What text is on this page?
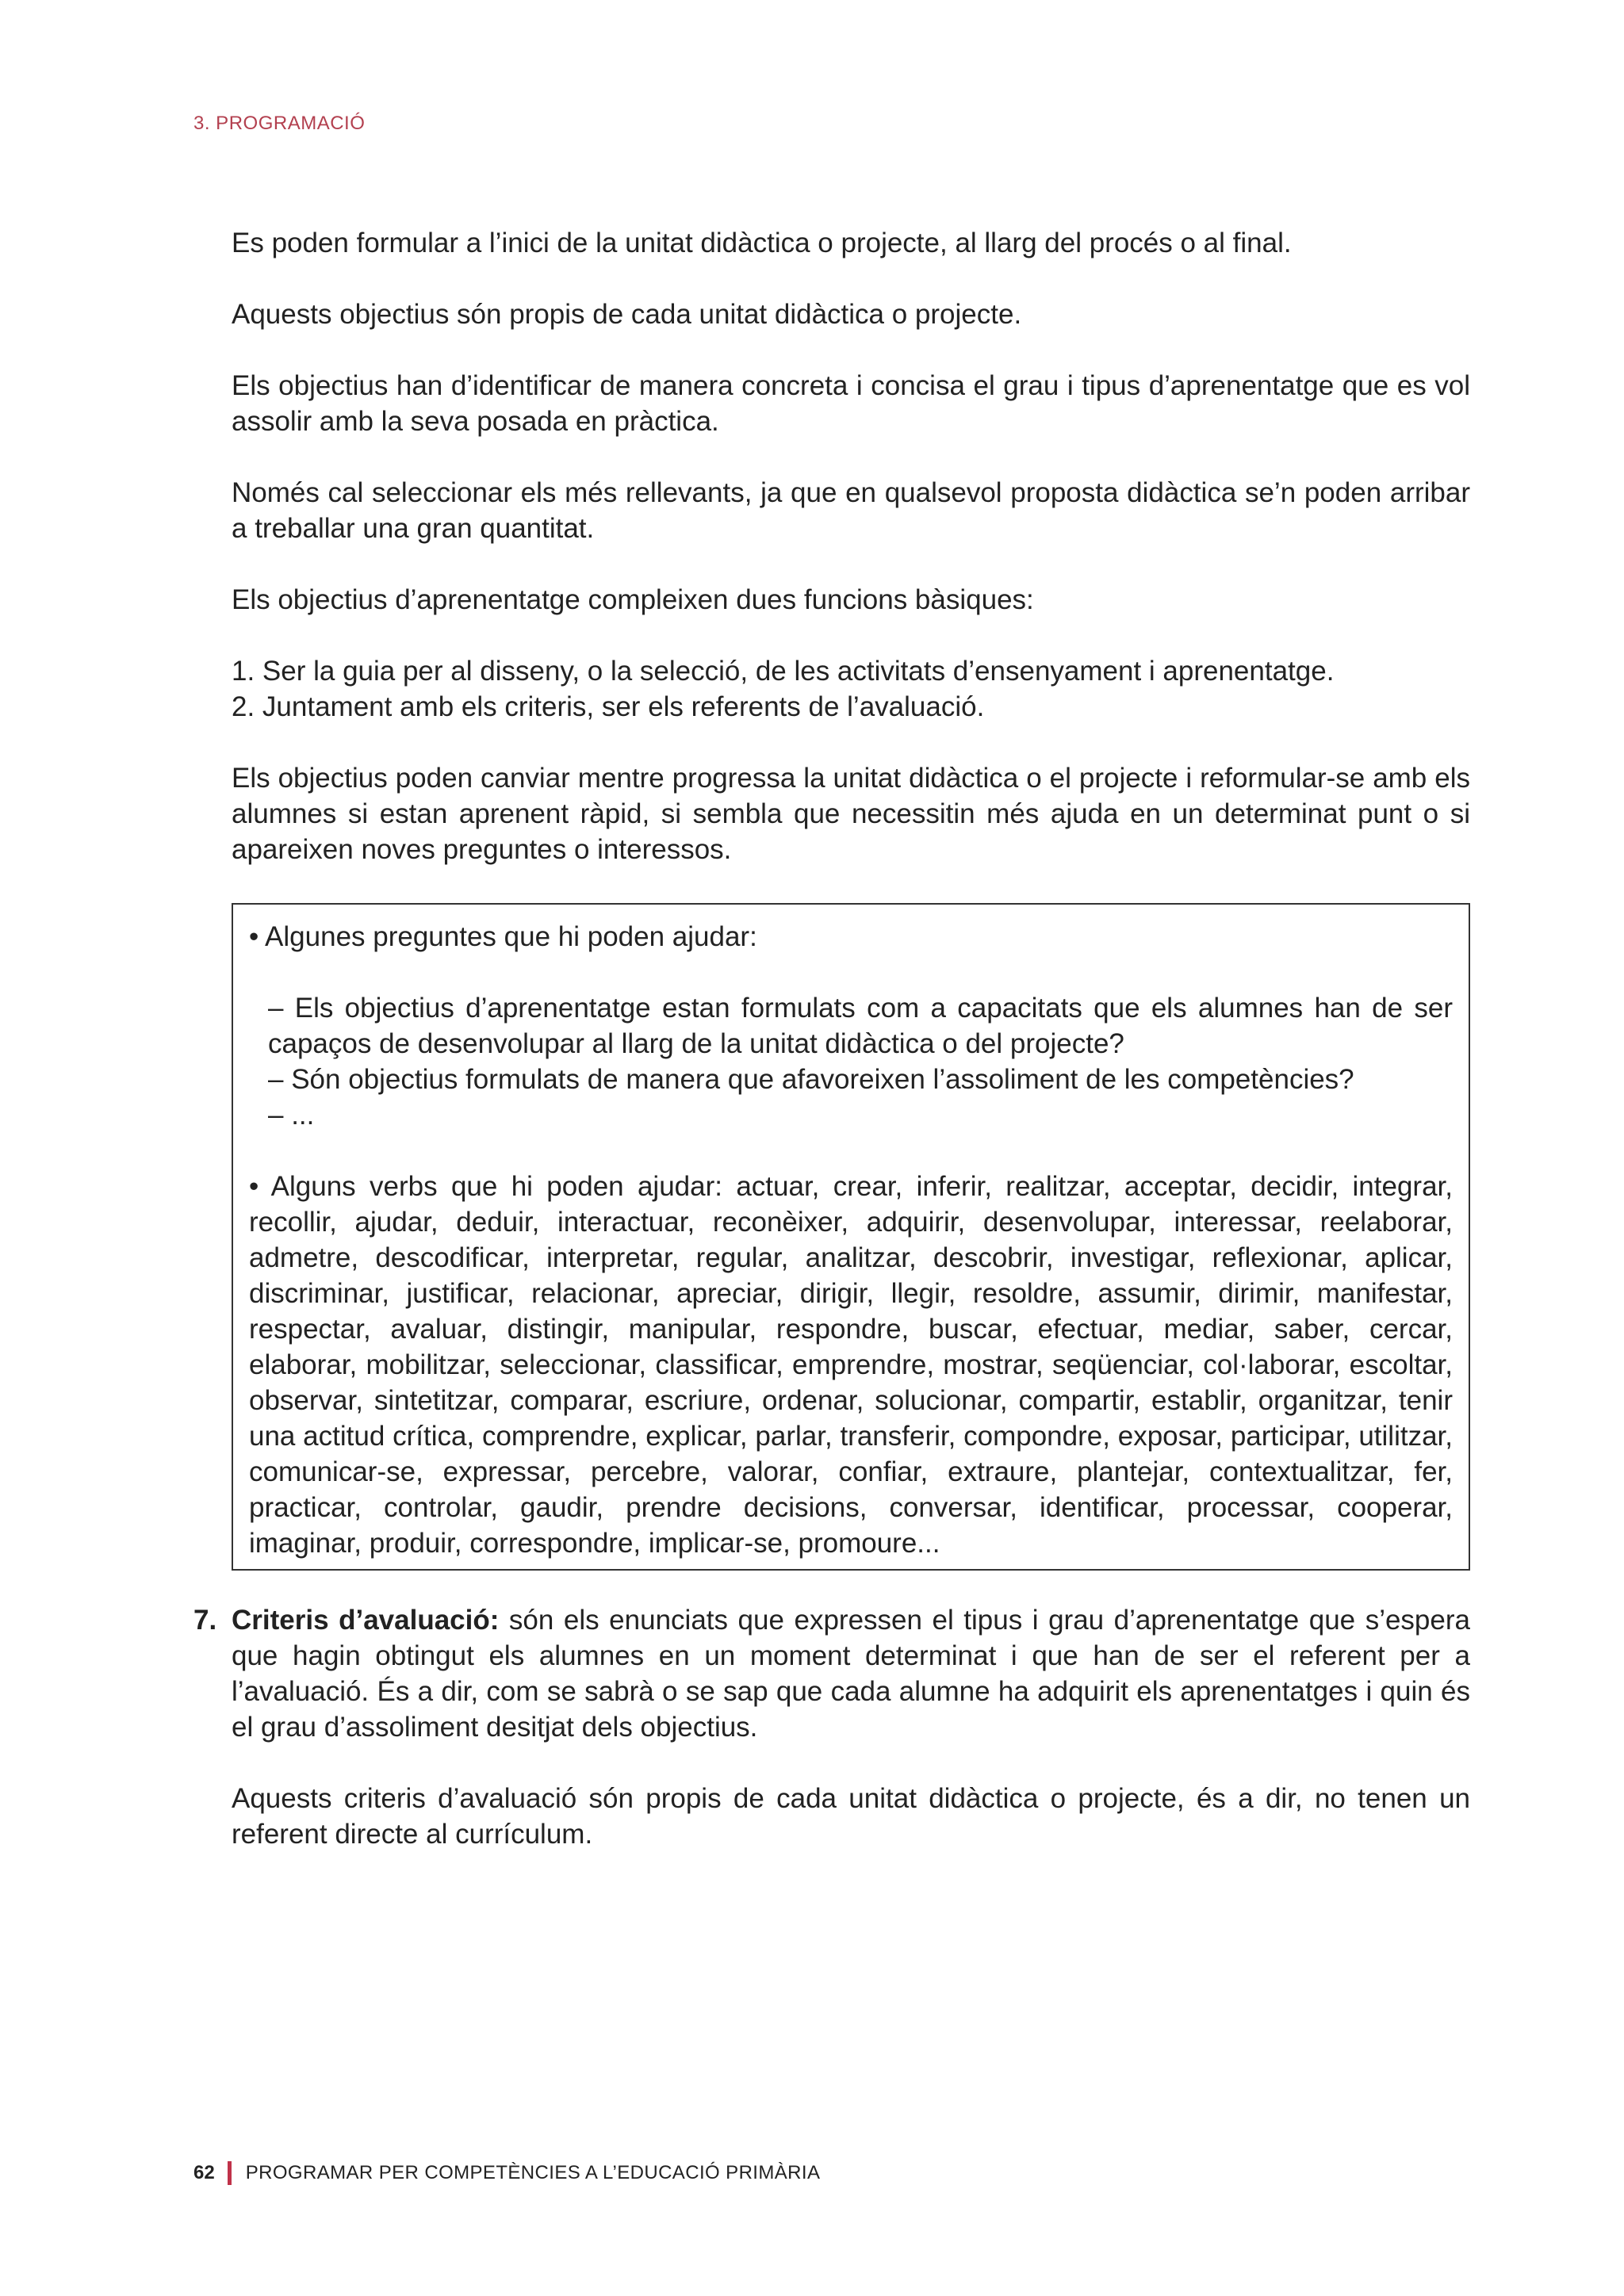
3. PROGRAMACIÓ

Es poden formular a l’inici de la unitat didàctica o projecte, al llarg del procés o al final.

Aquests objectius són propis de cada unitat didàctica o projecte.

Els objectius han d’identificar de manera concreta i concisa el grau i tipus d’aprenentatge que es vol assolir amb la seva posada en pràctica.

Només cal seleccionar els més rellevants, ja que en qualsevol proposta didàctica se’n poden arribar a treballar una gran quantitat.

Els objectius d’aprenentatge compleixen dues funcions bàsiques:

1. Ser la guia per al disseny, o la selecció, de les activitats d’ensenyament i aprenentatge.
2. Juntament amb els criteris, ser els referents de l’avaluació.

Els objectius poden canviar mentre progressa la unitat didàctica o el projecte i reformular-se amb els alumnes si estan aprenent ràpid, si sembla que necessitin més ajuda en un determinat punt o si apareixen noves preguntes o interessos.

• Algunes preguntes que hi poden ajudar:

– Els objectius d’aprenentatge estan formulats com a capacitats que els alumnes han de ser capaços de desenvolupar al llarg de la unitat didàctica o del projecte?
– Són objectius formulats de manera que afavoreixen l’assoliment de les competències?
– ...

• Alguns verbs que hi poden ajudar: actuar, crear, inferir, realitzar, acceptar, decidir, integrar, recollir, ajudar, deduir, interactuar, reconèixer, adquirir, desenvolupar, interessar, reelaborar, admetre, descodificar, interpretar, regular, analitzar, descobrir, investigar, reflexionar, aplicar, discriminar, justificar, relacionar, apreciar, dirigir, llegir, resoldre, assumir, dirimir, manifestar, respectar, avaluar, distingir, manipular, respondre, buscar, efectuar, mediar, saber, cercar, elaborar, mobilitzar, seleccionar, classificar, emprendre, mostrar, seqüenciar, col·laborar, escoltar, observar, sintetitzar, comparar, escriure, ordenar, solucionar, compartir, establir, organitzar, tenir una actitud crítica, comprendre, explicar, parlar, transferir, compondre, exposar, participar, utilitzar, comunicar-se, expressar, percebre, valorar, confiar, extraure, plantejar, contextualitzar, fer, practicar, controlar, gaudir, prendre decisions, conversar, identificar, processar, cooperar, imaginar, produir, correspondre, implicar-se, promoure...

7. Criteris d’avaluació: són els enunciats que expressen el tipus i grau d’aprenentatge que s’espera que hagin obtingut els alumnes en un moment determinat i que han de ser el referent per a l’avaluació. És a dir, com se sabrà o se sap que cada alumne ha adquirit els aprenentatges i quin és el grau d’assoliment desitjat dels objectius.

Aquests criteris d’avaluació són propis de cada unitat didàctica o projecte, és a dir, no tenen un referent directe al currículum.

62 PROGRAMAR PER COMPETÈNCIES A L’EDUCACIÓ PRIMÀRIA
